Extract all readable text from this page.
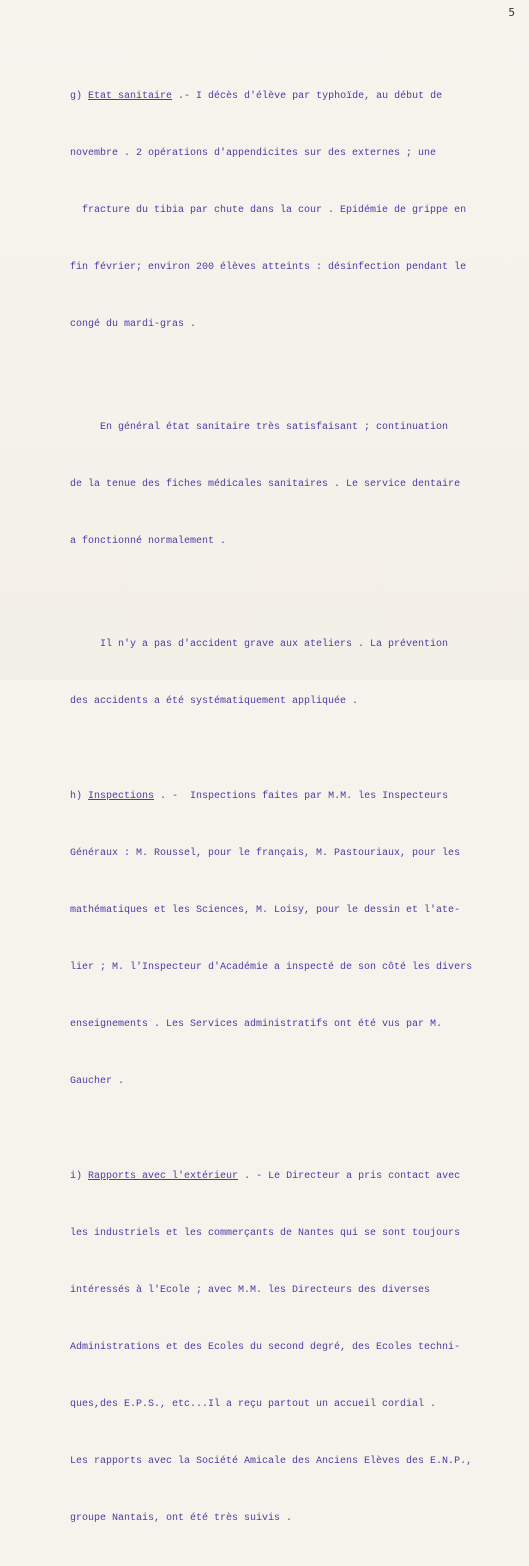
5

g) Etat sanitaire .- I décès d'élève par typhoïde, au début de

novembre . 2 opérations d'appendicites sur des externes ; une

fracture du tibia par chute dans la cour . Epidémie de grippe en

fin février; environ 200 élèves atteints : désinfection pendant le

congé du mardi-gras .

En général état sanitaire très satisfaisant ; continuation

de la tenue des fiches médicales sanitaires . Le service dentaire

a fonctionné normalement .

Il n'y a pas d'accident grave aux ateliers . La prévention

des accidents a été systématiquement appliquée .

h) Inspections . -  Inspections faites par M.M. les Inspecteurs

Généraux : M. Roussel, pour le français, M. Pastouriaux, pour les

mathématiques et les Sciences, M. Loisy, pour le dessin et l'ate-

lier ; M. l'Inspecteur d'Académie a inspecté de son côté les divers

enseignements . Les Services administratifs ont été vus par M.

Gaucher .

i) Rapports avec l'extérieur . - Le Directeur a pris contact avec

les industriels et les commerçants de Nantes qui se sont toujours

intéressés à l'Ecole ; avec M.M. les Directeurs des diverses

Administrations et des Ecoles du second degré, des Ecoles techni-

ques,des E.P.S., etc...Il a reçu partout un accueil cordial .

Les rapports avec la Société Amicale des Anciens Elèves des E.N.P.,

groupe Nantais, ont été très suivis .
